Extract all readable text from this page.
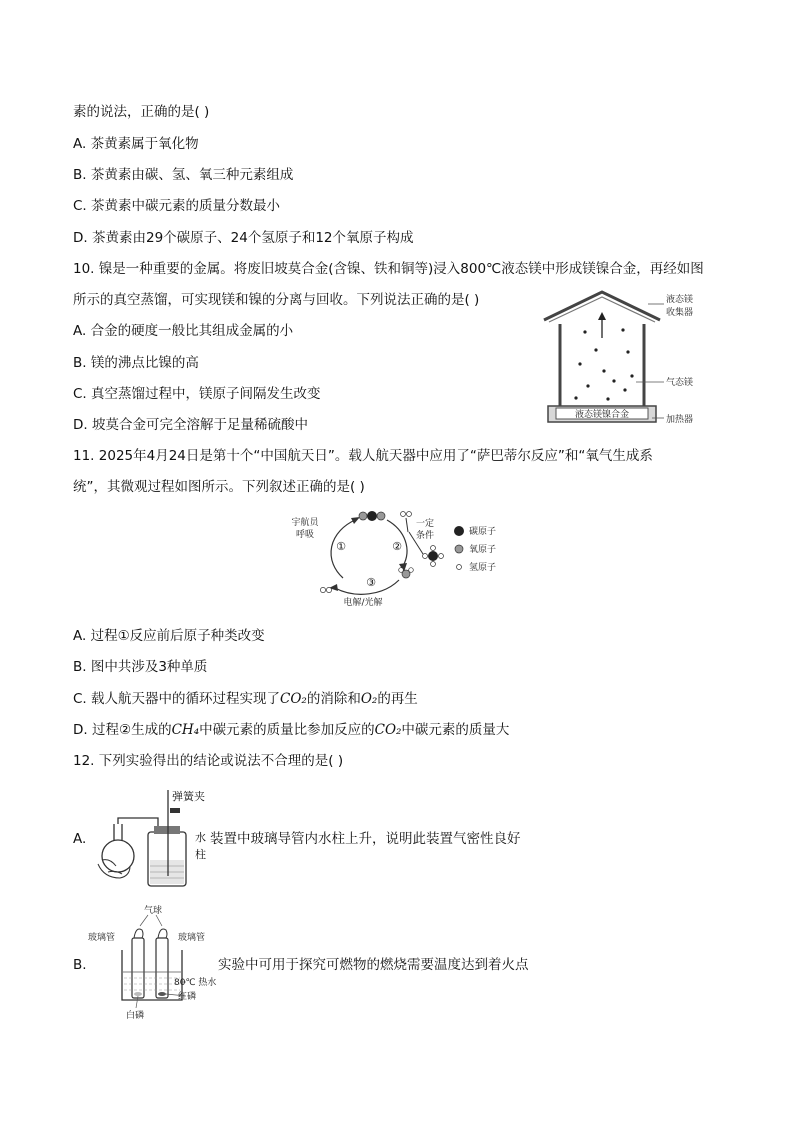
素的说法，正确的是( )
A. 茶黄素属于氧化物
B. 茶黄素由碳、氢、氧三种元素组成
C. 茶黄素中碳元素的质量分数最小
D. 茶黄素由29个碳原子、24个氢原子和12个氧原子构成
10. 镍是一种重要的金属。将废旧坡莫合金(含镍、铁和铜等)浸入800℃液态镁中形成镁镍合金，再经如图
所示的真空蒸馏，可实现镁和镍的分离与回收。下列说法正确的是( )
A. 合金的硬度一般比其组成金属的小
B. 镁的沸点比镍的高
C. 真空蒸馏过程中，镁原子间隔发生改变
D. 坡莫合金可完全溶解于足量稀硫酸中
液态镁镍合金
液态镁
收集器
气态镁
加热器
11. 2025年4月24日是第十个“中国航天日”。载人航天器中应用了“萨巴蒂尔反应”和“氧气生成系
统”，其微观过程如图所示。下列叙述正确的是( )
宇航员
呼吸
①	②
③
一定
条件
电解/光解
碳原子
氧原子
氢原子
A. 过程①反应前后原子种类改变
B. 图中共涉及3种单质
C. 载人航天器中的循环过程实现了CO₂的消除和O₂的再生
D. 过程②生成的CH₄中碳元素的质量比参加反应的CO₂中碳元素的质量大
12. 下列实验得出的结论或说法不合理的是( )
A.
弹簧夹
水
柱
装置中玻璃导管内水柱上升，说明此装置气密性良好
B.
气球
玻璃管	玻璃管
80℃ 热水
红磷
白磷
实验中可用于探究可燃物的燃烧需要温度达到着火点
